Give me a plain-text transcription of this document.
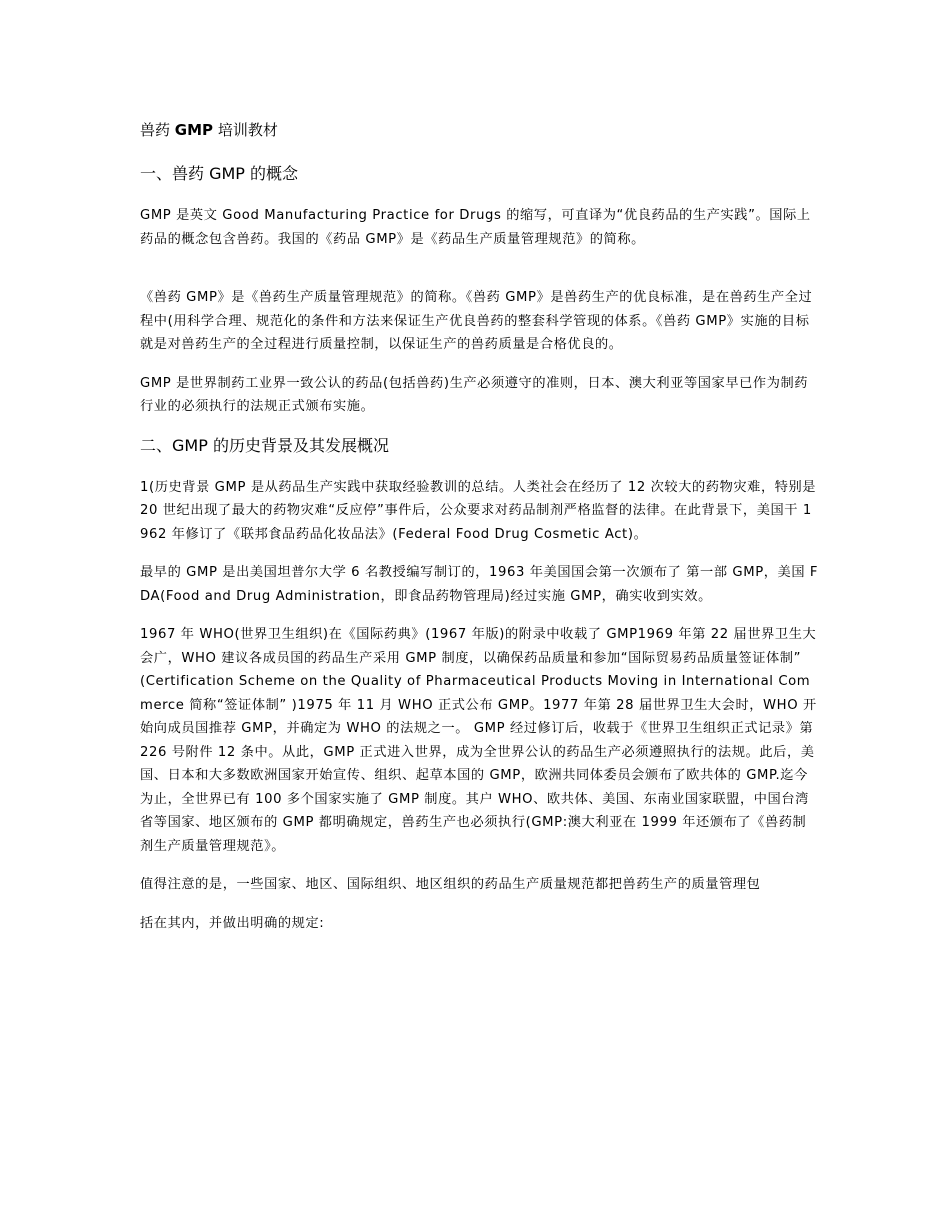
兽药 GMP 培训教材
一、兽药 GMP 的概念
GMP 是英文 Good Manufacturing Practice for Drugs 的缩写，可直译为“优良药品的生产实践”。国际上药品的概念包含兽药。我国的《药品 GMP》是《药品生产质量管理规范》的简称。
《兽药 GMP》是《兽药生产质量管理规范》的简称。《兽药 GMP》是兽药生产的优良标准，是在兽药生产全过程中(用科学合理、规范化的条件和方法来保证生产优良兽药的整套科学管现的体系。《兽药 GMP》实施的目标就是对兽药生产的全过程进行质量控制，以保证生产的兽药质量是合格优良的。
GMP 是世界制药工业界一致公认的药品(包括兽药)生产必须遵守的准则，日本、澳大利亚等国家早已作为制药行业的必须执行的法规正式颁布实施。
二、GMP 的历史背景及其发展概况
1(历史背景 GMP 是从药品生产实践中获取经验教训的总结。人类社会在经历了 12 次较大的药物灾难，特别是 20 世纪出现了最大的药物灾难“反应停”事件后，公众要求对药品制剂严格监督的法律。在此背景下，美国干 1962 年修订了《联邦食品药品化妆品法》(Federal Food Drug Cosmetic Act)。
最早的 GMP 是出美国坦普尔大学 6 名教授编写制订的，1963 年美国国会第一次颁布了 第一部 GMP，美国 FDA(Food and Drug Administration，即食品药物管理局)经过实施 GMP，确实收到实效。
1967 年 WHO(世界卫生组织)在《国际药典》(1967 年版)的附录中收载了 GMP1969 年第 22 届世界卫生大会广，WHO 建议各成员国的药品生产采用 GMP 制度，以确保药品质量和参加“国际贸易药品质量签证体制” (Certification Scheme on the Quality of Pharmaceutical Products Moving in International Commerce 简称“签证体制” )1975 年 11 月 WHO 正式公布 GMP。1977 年第 28 届世界卫生大会时，WHO 开始向成员国推荐 GMP，并确定为 WHO 的法规之一。 GMP 经过修订后，收载于《世界卫生组织正式记录》第 226 号附件 12 条中。从此，GMP 正式进入世界，成为全世界公认的药品生产必须遵照执行的法规。此后，美国、日本和大多数欧洲国家开始宣传、组织、起草本国的 GMP，欧洲共同体委员会颁布了欧共体的 GMP.迄今为止，全世界已有 100 多个国家实施了 GMP 制度。其户 WHO、欧共体、美国、东南业国家联盟，中国台湾省等国家、地区颁布的 GMP 都明确规定，兽药生产也必须执行(GMP:澳大利亚在 1999 年还颁布了《兽药制剂生产质量管理规范》。
值得注意的是，一些国家、地区、国际组织、地区组织的药品生产质量规范都把兽药生产的质量管理包
括在其内，并做出明确的规定:
